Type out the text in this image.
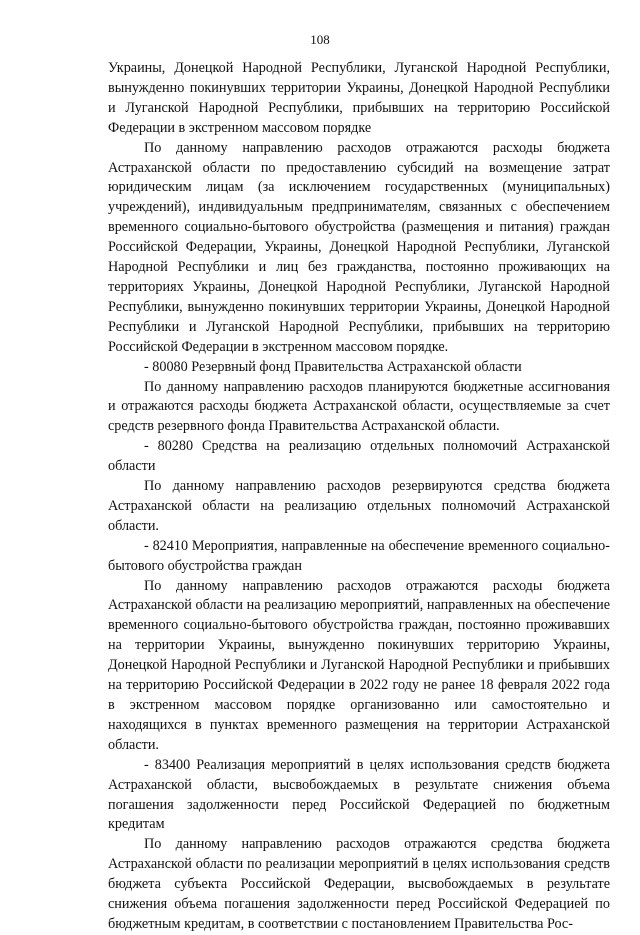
108

Украины, Донецкой Народной Республики, Луганской Народной Республики, вынужденно покинувших территории Украины, Донецкой Народной Республики и Луганской Народной Республики, прибывших на территорию Российской Федерации в экстренном массовом порядке

По данному направлению расходов отражаются расходы бюджета Астраханской области по предоставлению субсидий на возмещение затрат юридическим лицам (за исключением государственных (муниципальных) учреждений), индивидуальным предпринимателям, связанных с обеспечением временного социально-бытового обустройства (размещения и питания) граждан Российской Федерации, Украины, Донецкой Народной Республики, Луганской Народной Республики и лиц без гражданства, постоянно проживающих на территориях Украины, Донецкой Народной Республики, Луганской Народной Республики, вынужденно покинувших территории Украины, Донецкой Народной Республики и Луганской Народной Республики, прибывших на территорию Российской Федерации в экстренном массовом порядке.

- 80080 Резервный фонд Правительства Астраханской области

По данному направлению расходов планируются бюджетные ассигнования и отражаются расходы бюджета Астраханской области, осуществляемые за счет средств резервного фонда Правительства Астраханской области.

- 80280 Средства на реализацию отдельных полномочий Астраханской области

По данному направлению расходов резервируются средства бюджета Астраханской области на реализацию отдельных полномочий Астраханской области.

- 82410 Мероприятия, направленные на обеспечение временного социально-бытового обустройства граждан

По данному направлению расходов отражаются расходы бюджета Астраханской области на реализацию мероприятий, направленных на обеспечение временного социально-бытового обустройства граждан, постоянно проживавших на территории Украины, вынужденно покинувших территорию Украины, Донецкой Народной Республики и Луганской Народной Республики и прибывших на территорию Российской Федерации в 2022 году не ранее 18 февраля 2022 года в экстренном массовом порядке организованно или самостоятельно и находящихся в пунктах временного размещения на территории Астраханской области.

- 83400 Реализация мероприятий в целях использования средств бюджета Астраханской области, высвобождаемых в результате снижения объема погашения задолженности перед Российской Федерацией по бюджетным кредитам

По данному направлению расходов отражаются средства бюджета Астраханской области по реализации мероприятий в целях использования средств бюджета субъекта Российской Федерации, высвобождаемых в результате снижения объема погашения задолженности перед Российской Федерацией по бюджетным кредитам, в соответствии с постановлением Правительства Рос-
